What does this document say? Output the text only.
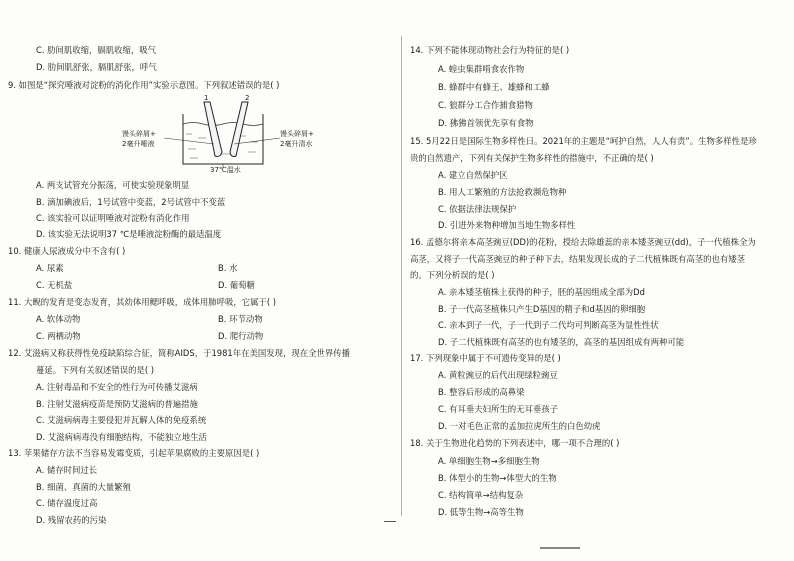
C. 肋间肌收缩，膈肌收缩，吸气
D. 肋间肌舒张，膈肌舒张，呼气
9. 如图是“探究唾液对淀粉的消化作用”实验示意图。下列叙述错误的是( )
1	2
馒头碎屑+
2毫升唾液
馒头碎屑+
2毫升清水
37℃温水
A. 两支试管充分振荡，可使实验现象明显
B. 滴加碘液后，1号试管中变蓝，2号试管中不变蓝
C. 该实验可以证明唾液对淀粉有消化作用
D. 该实验无法说明37 ℃是唾液淀粉酶的最适温度
10. 健康人尿液成分中不含有( )
A. 尿素	B. 水
C. 无机盐	D. 葡萄糖
11. 大鲵的发育是变态发育，其幼体用鳃呼吸，成体用肺呼吸，它属于( )
A. 软体动物	B. 环节动物
C. 两栖动物	D. 爬行动物
12. 艾滋病又称获得性免疫缺陷综合征，简称AIDS，于1981年在美国发现，现在全世界传播
蔓延。下列有关叙述错误的是( )
A. 注射毒品和不安全的性行为可传播艾滋病
B. 注射艾滋病疫苗是预防艾滋病的普遍措施
C. 艾滋病病毒主要侵犯并瓦解人体的免疫系统
D. 艾滋病病毒没有细胞结构，不能独立地生活
13. 苹果储存方法不当容易发霉变质，引起苹果腐败的主要原因是( )
A. 储存时间过长
B. 细菌、真菌的大量繁殖
C. 储存温度过高
D. 残留农药的污染
14. 下列不能体现动物社会行为特征的是( )
A. 蝗虫集群啃食农作物
B. 蜂群中有蜂王、雄蜂和工蜂
C. 狼群分工合作捕食猎物
D. 狒狒首领优先享有食物
15. 5月22日是国际生物多样性日。2021年的主题是“呵护自然，人人有责”。生物多样性是珍
贵的自然遗产，下列有关保护生物多样性的措施中，不正确的是( )
A. 建立自然保护区
B. 用人工繁殖的方法抢救濒危物种
C. 依据法律法规保护
D. 引进外来物种增加当地生物多样性
16. 孟德尔将亲本高茎豌豆(DD)的花粉，授给去除雄蕊的亲本矮茎豌豆(dd)，子一代植株全为
高茎，又将子一代高茎豌豆的种子种下去，结果发现长成的子二代植株既有高茎的也有矮茎
的。下列分析误的是( )
A. 亲本矮茎植株上获得的种子，胚的基因组成全部为Dd
B. 子一代高茎植株只产生D基因的精子和d基因的卵细胞
C. 亲本到子一代，子一代到子二代均可判断高茎为显性性状
D. 子二代植株既有高茎的也有矮茎的，高茎的基因组成有两种可能
17. 下列现象中属于不可遗传变异的是( )
A. 黄粒豌豆的后代出现绿粒豌豆
B. 整容后形成的高鼻梁
C. 有耳垂夫妇所生的无耳垂孩子
D. 一对毛色正常的孟加拉虎所生的白色幼虎
18. 关于生物进化趋势的下列表述中，哪一项不合理的( )
A. 单细胞生物→多细胞生物
B. 体型小的生物→体型大的生物
C. 结构简单→结构复杂
D. 低等生物→高等生物
